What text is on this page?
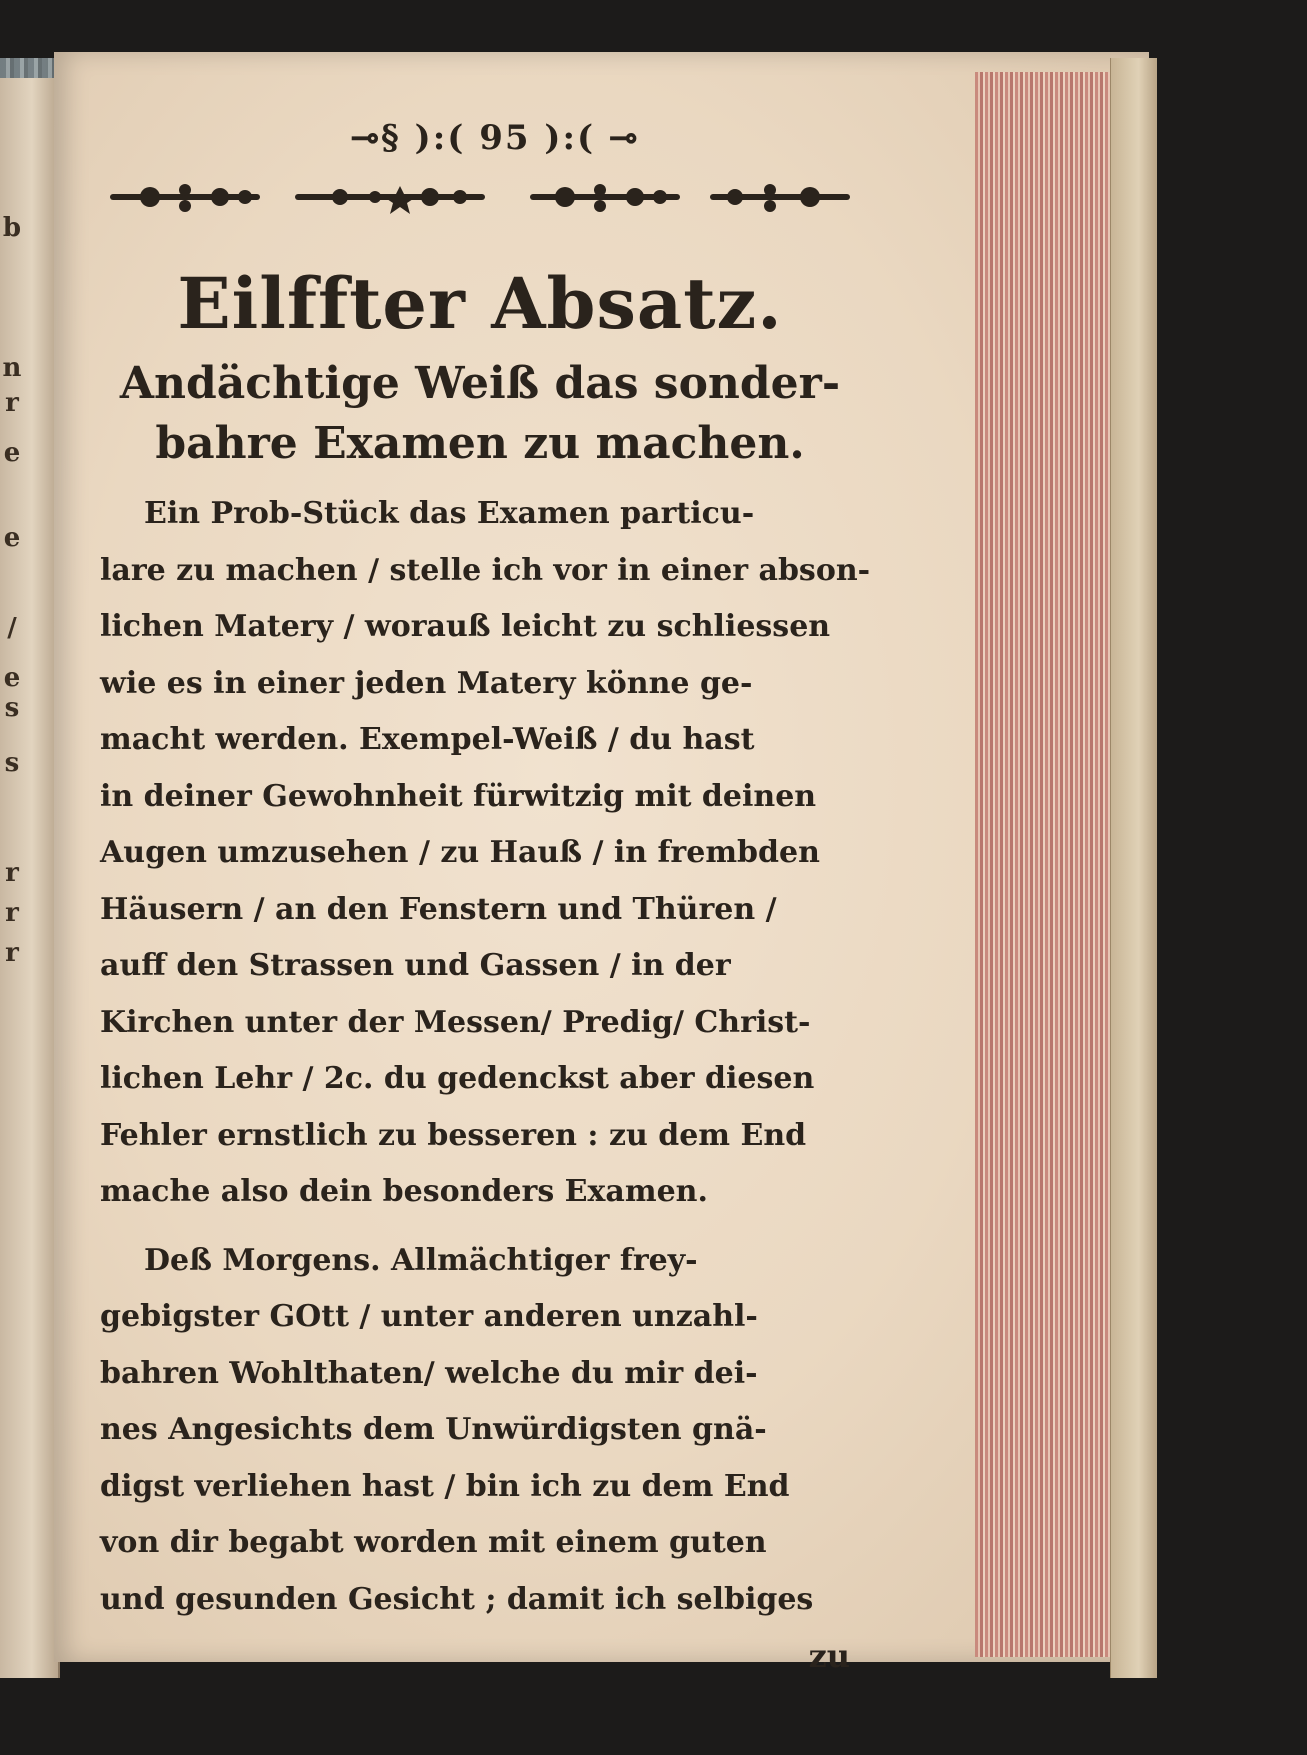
b
n
r
e
e
/
e
s
s
r
r
r
⊸§ ):( 95 ):( ⊸
Eilffter Absatz.
Andächtige Weiß das sonder-
bahre Examen zu machen.
Ein Prob-Stück das Examen particu-
lare zu machen / stelle ich vor in einer abson-
lichen Matery / worauß leicht zu schliessen
wie es in einer jeden Matery könne ge-
macht werden. Exempel-Weiß / du hast
in deiner Gewohnheit fürwitzig mit deinen
Augen umzusehen / zu Hauß / in frembden
Häusern / an den Fenstern und Thüren /
auff den Strassen und Gassen / in der
Kirchen unter der Messen/ Predig/ Christ-
lichen Lehr / 2c. du gedenckst aber diesen
Fehler ernstlich zu besseren : zu dem End
mache also dein besonders Examen.
Deß Morgens. Allmächtiger frey-
gebigster GOtt / unter anderen unzahl-
bahren Wohlthaten/ welche du mir dei-
nes Angesichts dem Unwürdigsten gnä-
digst verliehen hast / bin ich zu dem End
von dir begabt worden mit einem guten
und gesunden Gesicht ; damit ich selbiges
zu
